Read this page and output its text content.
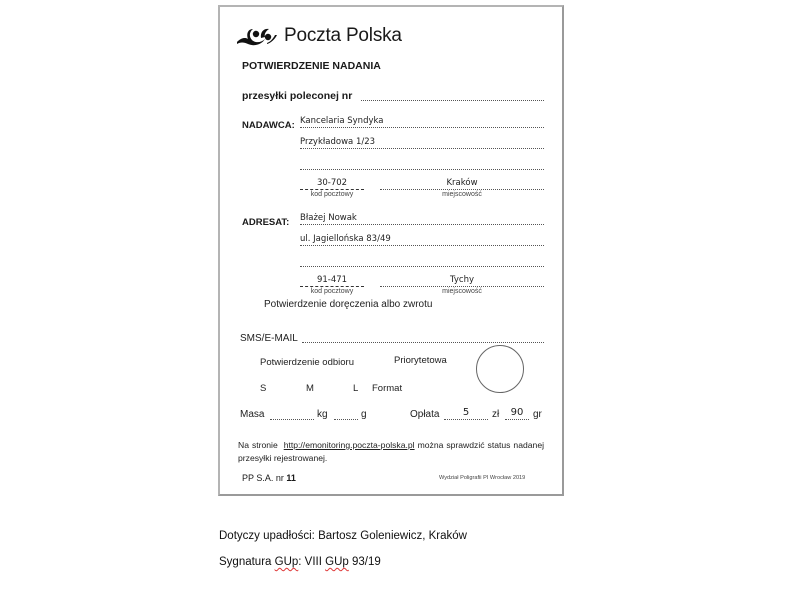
Poczta Polska
POTWIERDZENIE NADANIA
przesyłki poleconej nr
NADAWCA: Kancelaria Syndyka
Przykładowa 1/23
30-702
kod pocztowy
Kraków
miejscowość
ADRESAT: Błażej Nowak
ul. Jagiellońska 83/49
91-471
kod pocztowy
Tychy
miejscowość
Potwierdzenie doręczenia albo zwrotu
SMS/E-MAIL
Potwierdzenie odbioru	Priorytetowa
S	M	L Format
Masa	kg	g	Opłata	5	zł	90 gr
Na stronie http://emonitoring.poczta-polska.pl można sprawdzić status nadanej przesyłki rejestrowanej.
PP S.A. nr 11	Wydział Poligrafii PI Wrocław 2019
Dotyczy upadłości: Bartosz Goleniewicz, Kraków
Sygnatura GUp: VIII GUp 93/19
